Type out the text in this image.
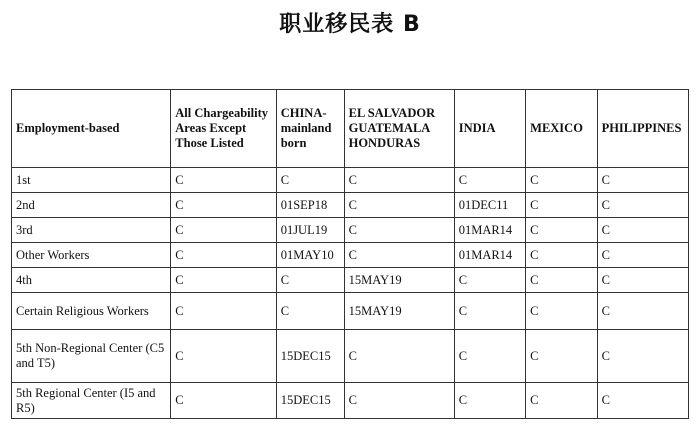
职业移民表 B
Employment-based	All Chargeability Areas Except Those Listed	CHINA-mainland born	EL SALVADOR GUATEMALA HONDURAS	INDIA	MEXICO	PHILIPPINES
1st	C	C	C	C	C	C
2nd	C	01SEP18	C	01DEC11	C	C
3rd	C	01JUL19	C	01MAR14	C	C
Other Workers	C	01MAY10	C	01MAR14	C	C
4th	C	C	15MAY19	C	C	C
Certain Religious Workers	C	C	15MAY19	C	C	C
5th Non-Regional Center (C5 and T5)	C	15DEC15	C	C	C	C
5th Regional Center (I5 and R5)	C	15DEC15	C	C	C	C
